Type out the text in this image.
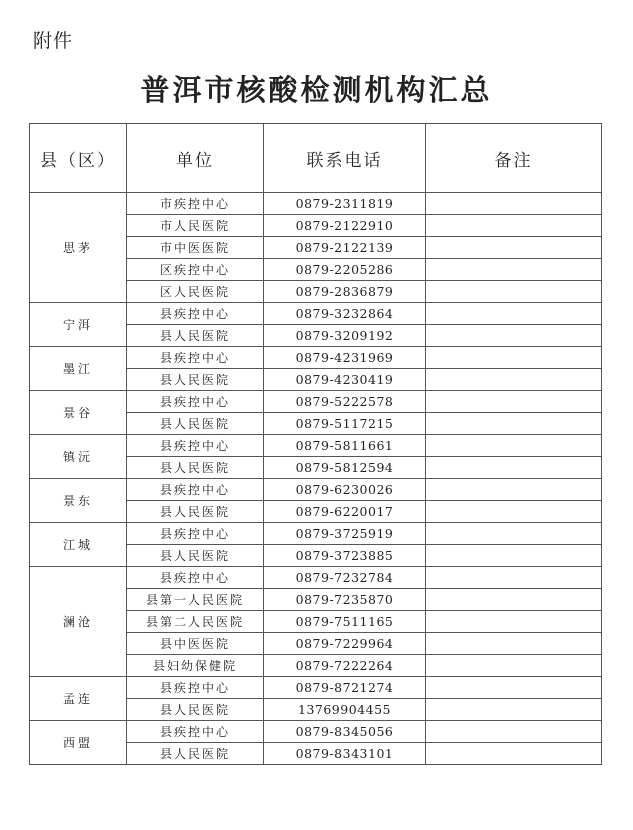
附件
普洱市核酸检测机构汇总
县（区）	单位	联系电话	备注
思茅	市疾控中心	0879-2311819	
	市人民医院	0879-2122910	
	市中医医院	0879-2122139	
	区疾控中心	0879-2205286	
	区人民医院	0879-2836879	
宁洱	县疾控中心	0879-3232864	
	县人民医院	0879-3209192	
墨江	县疾控中心	0879-4231969	
	县人民医院	0879-4230419	
景谷	县疾控中心	0879-5222578	
	县人民医院	0879-5117215	
镇沅	县疾控中心	0879-5811661	
	县人民医院	0879-5812594	
景东	县疾控中心	0879-6230026	
	县人民医院	0879-6220017	
江城	县疾控中心	0879-3725919	
	县人民医院	0879-3723885	
澜沧	县疾控中心	0879-7232784	
	县第一人民医院	0879-7235870	
	县第二人民医院	0879-7511165	
	县中医医院	0879-7229964	
	县妇幼保健院	0879-7222264	
孟连	县疾控中心	0879-8721274	
	县人民医院	13769904455	
西盟	县疾控中心	0879-8345056	
	县人民医院	0879-8343101	
